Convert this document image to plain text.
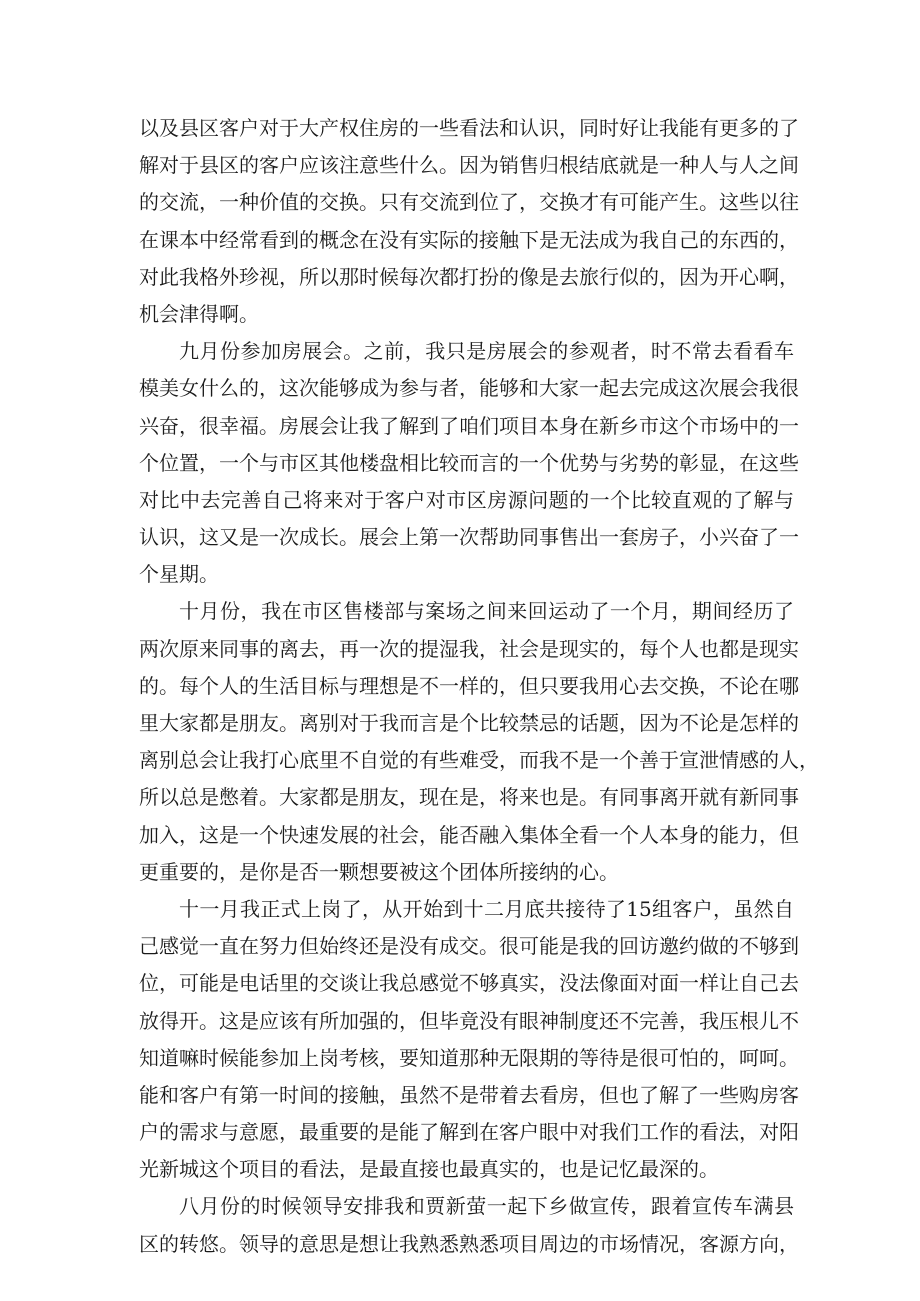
以及县区客户对于大产权住房的一些看法和认识，同时好让我能有更多的了
解对于县区的客户应该注意些什么。因为销售归根结底就是一种人与人之间
的交流，一种价值的交换。只有交流到位了，交换才有可能产生。这些以往
在课本中经常看到的概念在没有实际的接触下是无法成为我自己的东西的，
对此我格外珍视，所以那时候每次都打扮的像是去旅行似的，因为开心啊，
机会津得啊。
九月份参加房展会。之前，我只是房展会的参观者，时不常去看看车
模美女什么的，这次能够成为参与者，能够和大家一起去完成这次展会我很
兴奋，很幸福。房展会让我了解到了咱们项目本身在新乡市这个市场中的一
个位置，一个与市区其他楼盘相比较而言的一个优势与劣势的彰显，在这些
对比中去完善自己将来对于客户对市区房源问题的一个比较直观的了解与
认识，这又是一次成长。展会上第一次帮助同事售出一套房子，小兴奋了一
个星期。
十月份，我在市区售楼部与案场之间来回运动了一个月，期间经历了
两次原来同事的离去，再一次的提湿我，社会是现实的，每个人也都是现实
的。每个人的生活目标与理想是不一样的，但只要我用心去交换，不论在哪
里大家都是朋友。离别对于我而言是个比较禁忌的话题，因为不论是怎样的
离别总会让我打心底里不自觉的有些难受，而我不是一个善于宣泄情感的人，
所以总是憋着。大家都是朋友，现在是，将来也是。有同事离开就有新同事
加入，这是一个快速发展的社会，能否融入集体全看一个人本身的能力，但
更重要的，是你是否一颗想要被这个团体所接纳的心。
十一月我正式上岗了，从开始到十二月底共接待了15组客户，虽然自
己感觉一直在努力但始终还是没有成交。很可能是我的回访邀约做的不够到
位，可能是电话里的交谈让我总感觉不够真实，没法像面对面一样让自己去
放得开。这是应该有所加强的，但毕竟没有眼神制度还不完善，我压根儿不
知道嘛时候能参加上岗考核，要知道那种无限期的等待是很可怕的，呵呵。
能和客户有第一时间的接触，虽然不是带着去看房，但也了解了一些购房客
户的需求与意愿，最重要的是能了解到在客户眼中对我们工作的看法，对阳
光新城这个项目的看法，是最直接也最真实的，也是记忆最深的。
八月份的时候领导安排我和贾新萤一起下乡做宣传，跟着宣传车满县
区的转悠。领导的意思是想让我熟悉熟悉项目周边的市场情况，客源方向，
